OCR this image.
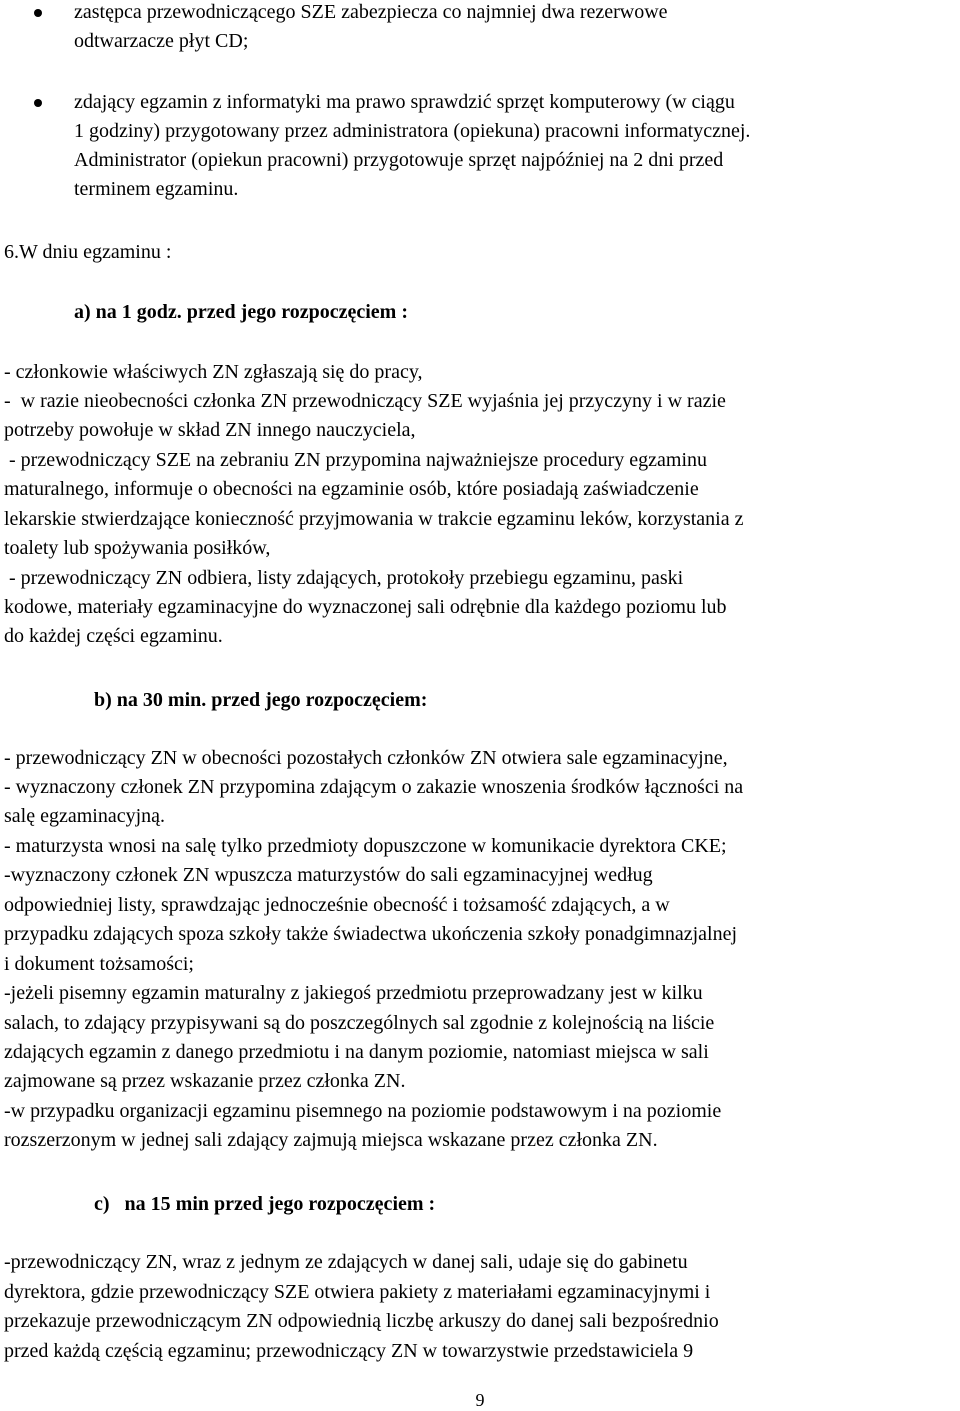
zastępca przewodniczącego SZE zabezpiecza co najmniej dwa rezerwowe
odtwarzacze płyt CD;
zdający egzamin z informatyki ma prawo sprawdzić sprzęt komputerowy (w ciągu
1 godziny) przygotowany przez administratora (opiekuna) pracowni informatycznej.
Administrator (opiekun pracowni) przygotowuje sprzęt najpóźniej na 2 dni przed
terminem egzaminu.
6.W dniu egzaminu :
a) na 1 godz. przed jego rozpoczęciem :
- członkowie właściwych ZN zgłaszają się do pracy,
-  w razie nieobecności członka ZN przewodniczący SZE wyjaśnia jej przyczyny i w razie
potrzeby powołuje w skład ZN innego nauczyciela,
- przewodniczący SZE na zebraniu ZN przypomina najważniejsze procedury egzaminu
maturalnego, informuje o obecności na egzaminie osób, które posiadają zaświadczenie
lekarskie stwierdzające konieczność przyjmowania w trakcie egzaminu leków, korzystania z
toalety lub spożywania posiłków,
- przewodniczący ZN odbiera, listy zdających, protokoły przebiegu egzaminu, paski
kodowe, materiały egzaminacyjne do wyznaczonej sali odrębnie dla każdego poziomu lub
do każdej części egzaminu.
b) na 30 min. przed jego rozpoczęciem:
- przewodniczący ZN w obecności pozostałych członków ZN otwiera sale egzaminacyjne,
- wyznaczony członek ZN przypomina zdającym o zakazie wnoszenia środków łączności na
salę egzaminacyjną.
- maturzysta wnosi na salę tylko przedmioty dopuszczone w komunikacie dyrektora CKE;
-wyznaczony członek ZN wpuszcza maturzystów do sali egzaminacyjnej według
odpowiedniej listy, sprawdzając jednocześnie obecność i tożsamość zdających, a w
przypadku zdających spoza szkoły także świadectwa ukończenia szkoły ponadgimnazjalnej
i dokument tożsamości;
-jeżeli pisemny egzamin maturalny z jakiegoś przedmiotu przeprowadzany jest w kilku
salach, to zdający przypisywani są do poszczególnych sal zgodnie z kolejnością na liście
zdających egzamin z danego przedmiotu i na danym poziomie, natomiast miejsca w sali
zajmowane są przez wskazanie przez członka ZN.
-w przypadku organizacji egzaminu pisemnego na poziomie podstawowym i na poziomie
rozszerzonym w jednej sali zdający zajmują miejsca wskazane przez członka ZN.
c)   na 15 min przed jego rozpoczęciem :
-przewodniczący ZN, wraz z jednym ze zdających w danej sali, udaje się do gabinetu
dyrektora, gdzie przewodniczący SZE otwiera pakiety z materiałami egzaminacyjnymi i
przekazuje przewodniczącym ZN odpowiednią liczbę arkuszy do danej sali bezpośrednio
przed każdą częścią egzaminu; przewodniczący ZN w towarzystwie przedstawiciela 9
9
